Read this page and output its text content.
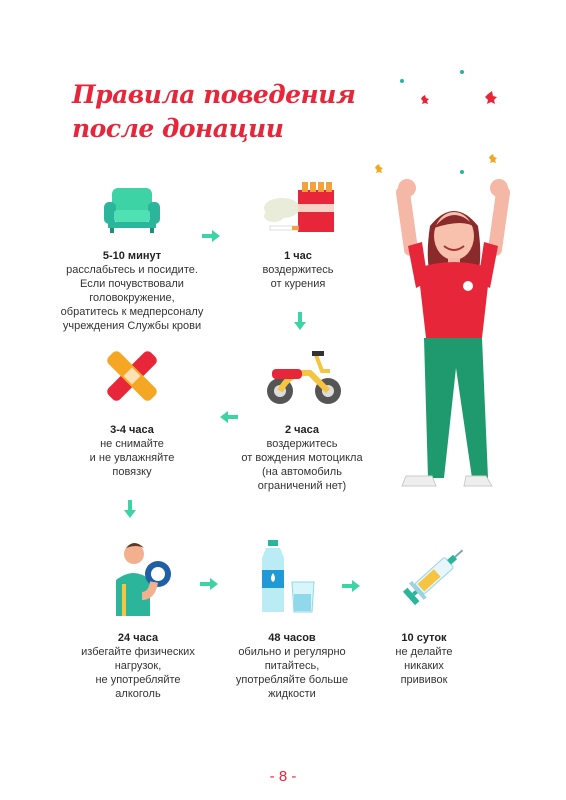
Правила поведения
после донации
5-10 минут
расслабьтесь и посидите.
Если почувствовали
головокружение,
обратитесь к медперсоналу
учреждения Службы крови
1 час
воздержитесь
от курения
3-4 часа
не снимайте
и не увлажняйте
повязку
2 часа
воздержитесь
от вождения мотоцикла
(на автомобиль
ограничений нет)
24 часа
избегайте физических
нагрузок,
не употребляйте
алкоголь
48 часов
обильно и регулярно
питайтесь,
употребляйте больше
жидкости
10 суток
не делайте
никаких
прививок
- 8 -
